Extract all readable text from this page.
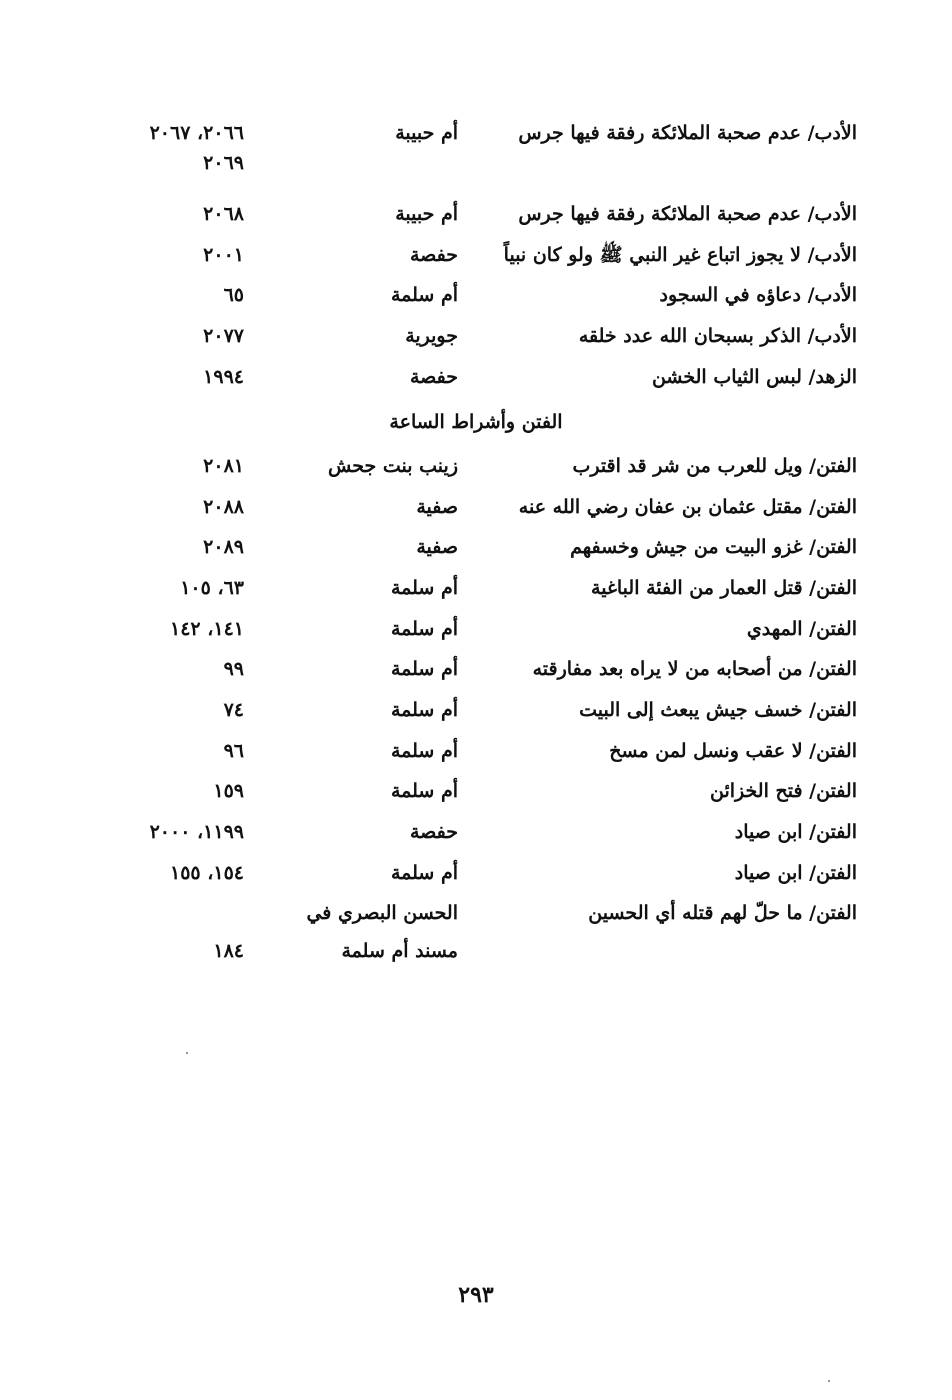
الأدب/ عدم صحبة الملائكة رفقة فيها جرس
أم حبيبة
٢٠٦٦، ٢٠٦٧
٢٠٦٩
الأدب/ عدم صحبة الملائكة رفقة فيها جرس
أم حبيبة
٢٠٦٨
الأدب/ لا يجوز اتباع غير النبي ﷺ ولو كان نبياً
حفصة
٢٠٠١
الأدب/ دعاؤه في السجود
أم سلمة
٦٥
الأدب/ الذكر بسبحان الله عدد خلقه
جويرية
٢٠٧٧
الزهد/ لبس الثياب الخشن
حفصة
١٩٩٤
الفتن وأشراط الساعة
الفتن/ ويل للعرب من شر قد اقترب
زينب بنت جحش
٢٠٨١
الفتن/ مقتل عثمان بن عفان رضي الله عنه
صفية
٢٠٨٨
الفتن/ غزو البيت من جيش وخسفهم
صفية
٢٠٨٩
الفتن/ قتل العمار من الفئة الباغية
أم سلمة
٦٣، ١٠٥
الفتن/ المهدي
أم سلمة
١٤١، ١٤٢
الفتن/ من أصحابه من لا يراه بعد مفارقته
أم سلمة
٩٩
الفتن/ خسف جيش يبعث إلى البيت
أم سلمة
٧٤
الفتن/ لا عقب ونسل لمن مسخ
أم سلمة
٩٦
الفتن/ فتح الخزائن
أم سلمة
١٥٩
الفتن/ ابن صياد
حفصة
١١٩٩، ٢٠٠٠
الفتن/ ابن صياد
أم سلمة
١٥٤، ١٥٥
الفتن/ ما حلّ لهم قتله أي الحسين
الحسن البصري في
مسند أم سلمة
١٨٤
٢٩٣
